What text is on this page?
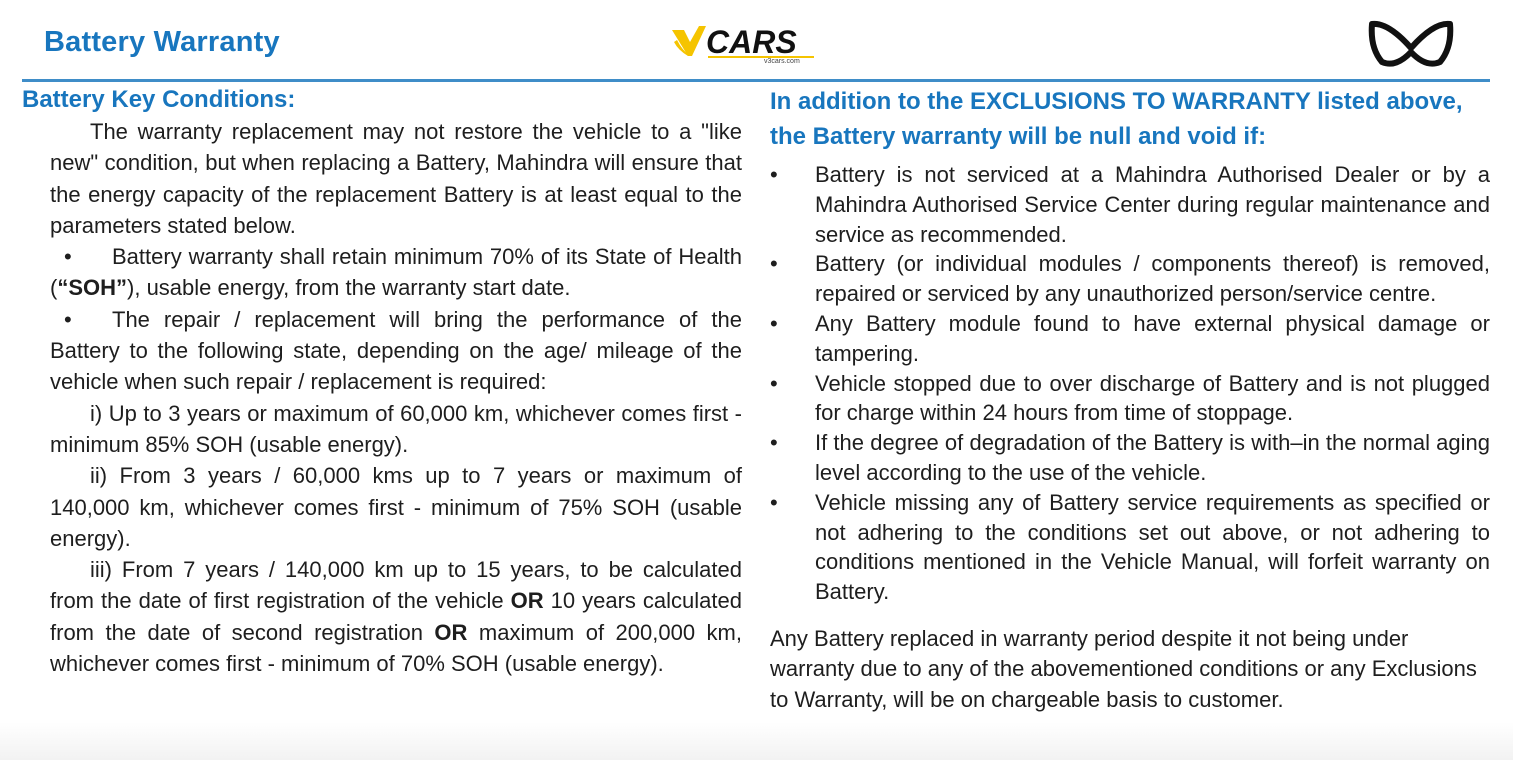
Battery Warranty	CARS
v3cars.com
Battery Key Conditions:

The warranty replacement may not restore the vehicle to a "like new" condition, but when replacing a Battery, Mahindra will ensure that the energy capacity of the replacement Battery is at least equal to the parameters stated below.

• Battery warranty shall retain minimum 70% of its State of Health (“SOH”), usable energy, from the warranty start date.

• The repair / replacement will bring the performance of the Battery to the following state, depending on the age/ mileage of the vehicle when such repair / replacement is required:

i) Up to 3 years or maximum of 60,000 km, whichever comes first - minimum 85% SOH (usable energy).

ii) From 3 years / 60,000 kms up to 7 years or maximum of 140,000 km, whichever comes first - minimum of 75% SOH (usable energy).

iii) From 7 years / 140,000 km up to 15 years, to be calculated from the date of first registration of the vehicle OR 10 years calculated from the date of second registration OR maximum of 200,000 km, whichever comes first - minimum of 70% SOH (usable energy).

In addition to the EXCLUSIONS TO WARRANTY listed above, the Battery warranty will be null and void if:
• Battery is not serviced at a Mahindra Authorised Dealer or by a Mahindra Authorised Service Center during regular maintenance and service as recommended.
• Battery (or individual modules / components thereof) is removed, repaired or serviced by any unauthorized person/service centre.
• Any Battery module found to have external physical damage or tampering.
• Vehicle stopped due to over discharge of Battery and is not plugged for charge within 24 hours from time of stoppage.
• If the degree of degradation of the Battery is with–in the normal aging level according to the use of the vehicle.
• Vehicle missing any of Battery service requirements as specified or not adhering to the conditions set out above, or not adhering to conditions mentioned in the Vehicle Manual, will forfeit warranty on Battery.
Any Battery replaced in warranty period despite it not being under warranty due to any of the abovementioned conditions or any Exclusions to Warranty, will be on chargeable basis to customer.
